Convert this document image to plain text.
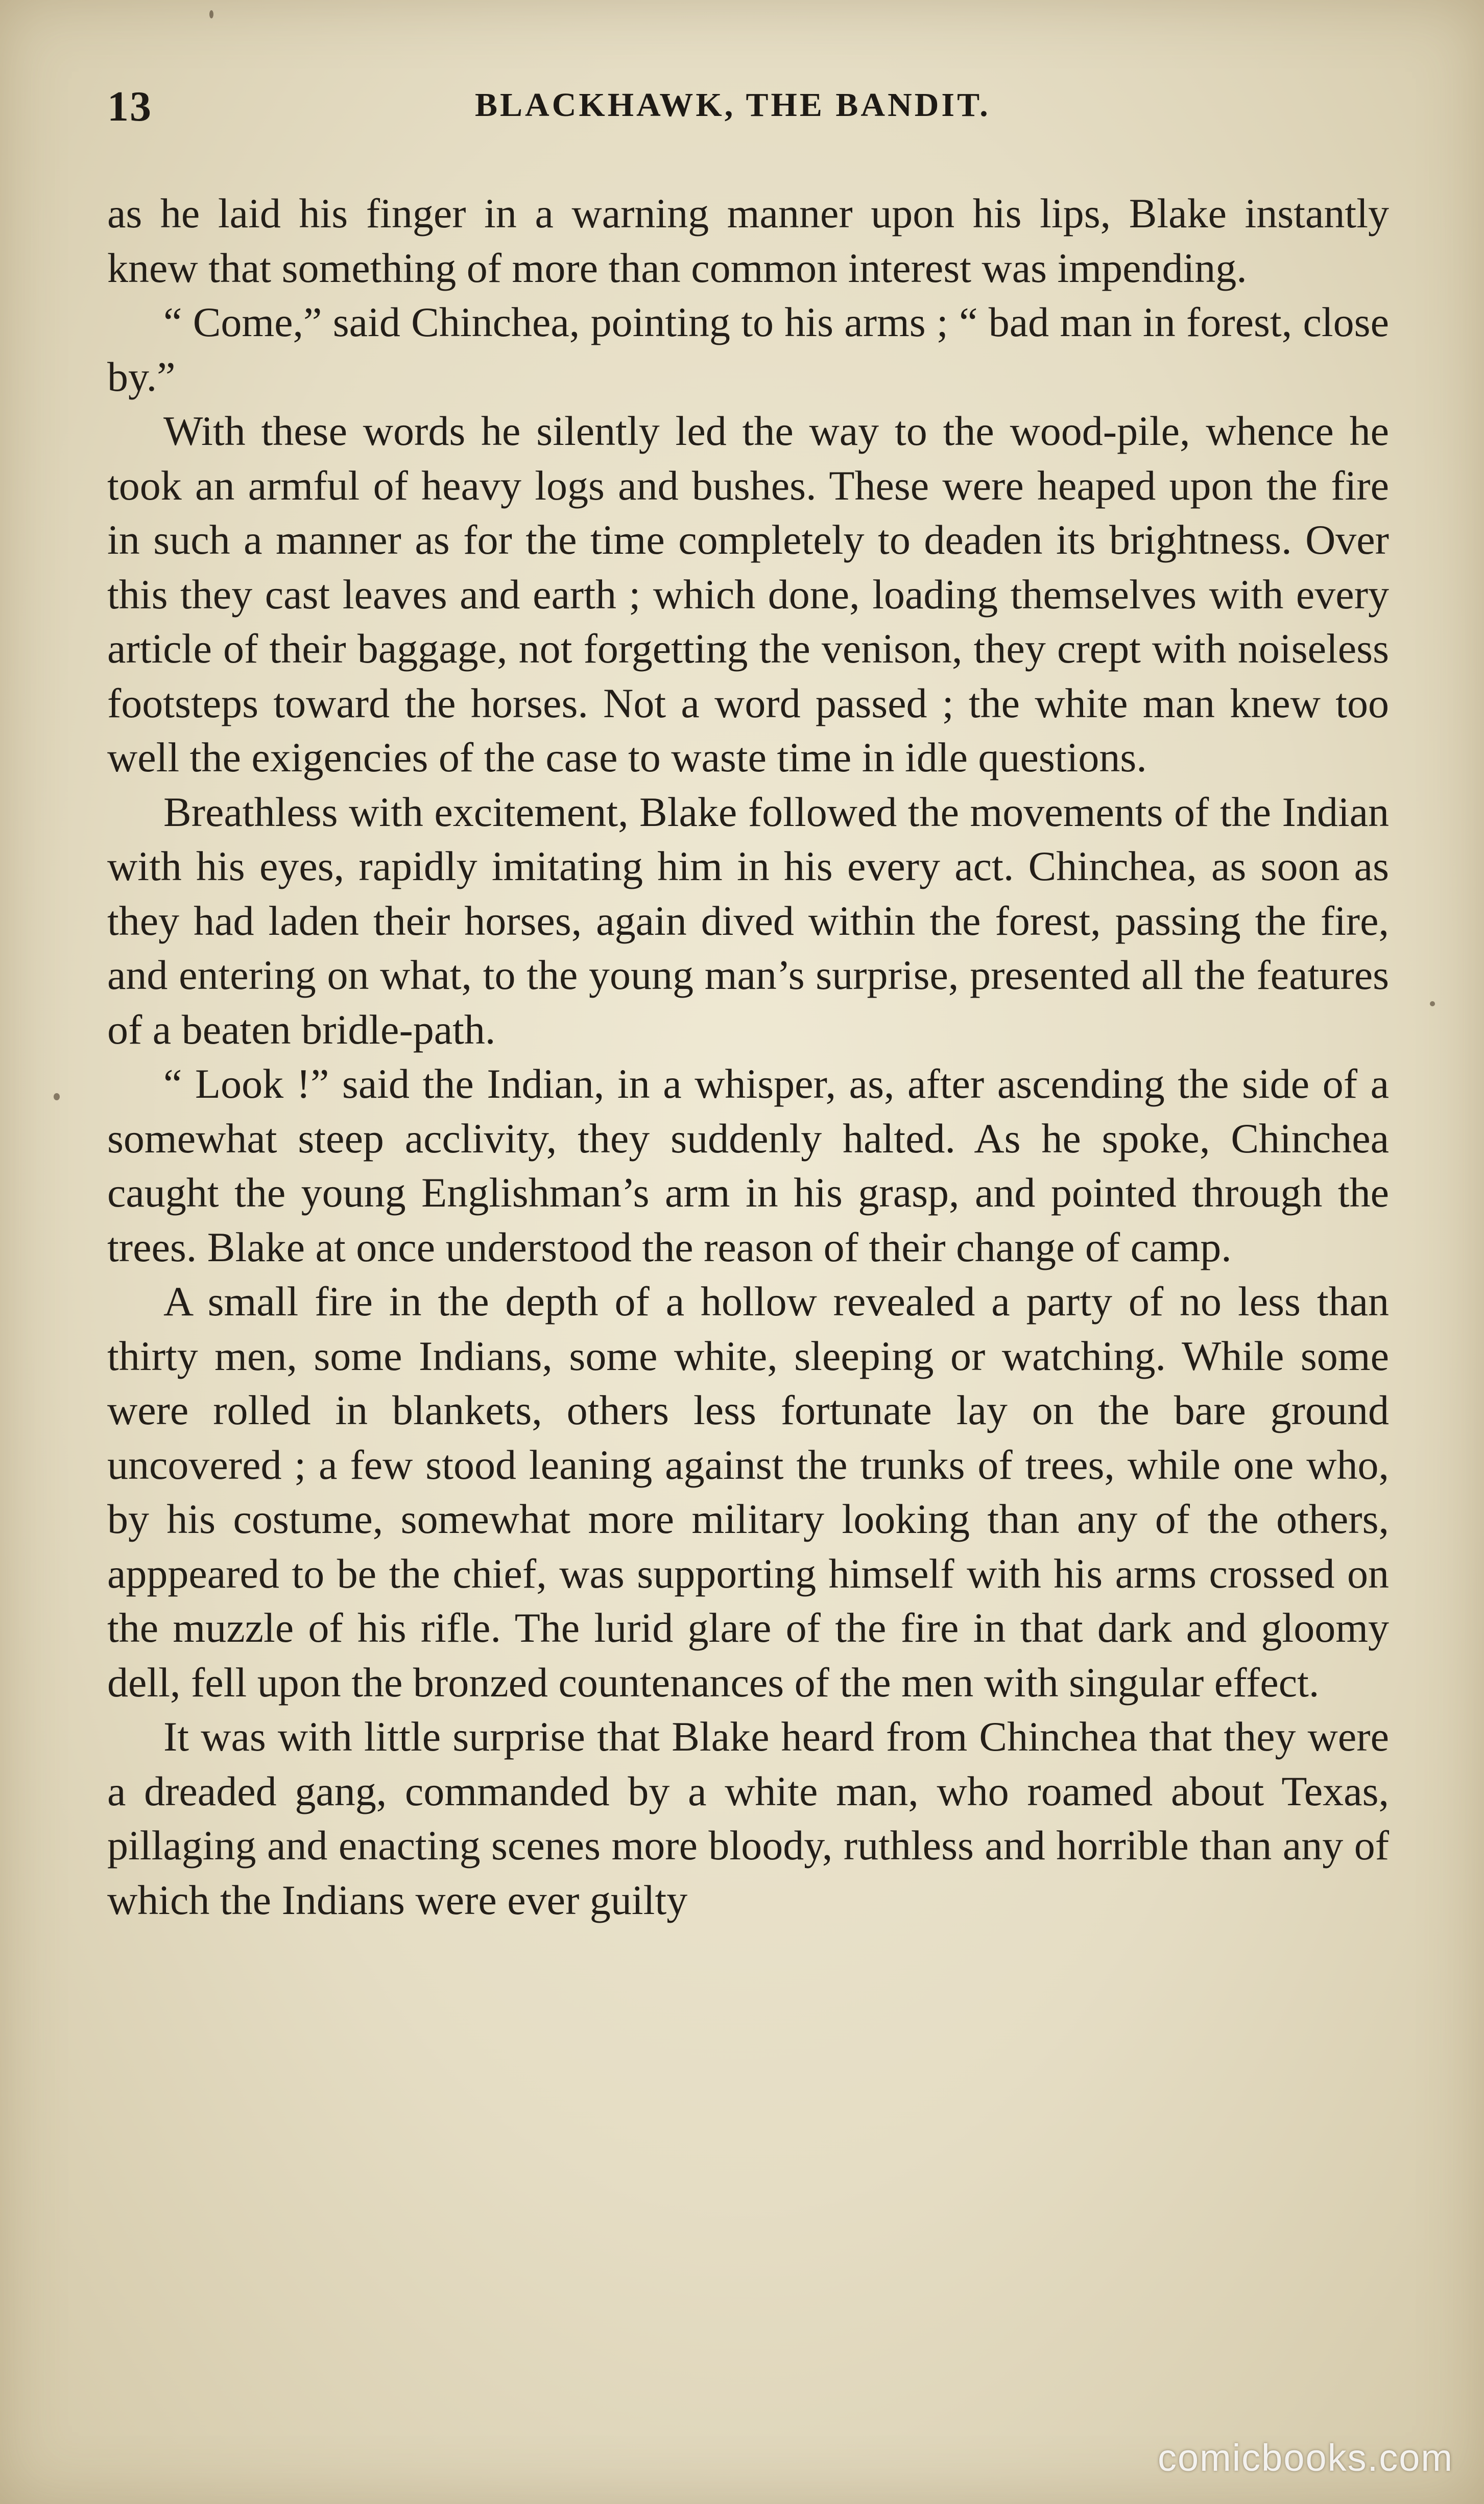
13	BLACKHAWK, THE BANDIT.

as he laid his finger in a warning manner upon his lips, Blake instantly knew that something of more than common interest was impending.

“ Come,” said Chinchea, pointing to his arms ; “ bad man in forest, close by.”

With these words he silently led the way to the wood-pile, whence he took an armful of heavy logs and bushes. These were heaped upon the fire in such a manner as for the time completely to deaden its brightness. Over this they cast leaves and earth ; which done, loading themselves with every article of their baggage, not forgetting the venison, they crept with noiseless footsteps toward the horses. Not a word passed ; the white man knew too well the exigencies of the case to waste time in idle questions.

Breathless with excitement, Blake followed the movements of the Indian with his eyes, rapidly imitating him in his every act. Chinchea, as soon as they had laden their horses, again dived within the forest, passing the fire, and entering on what, to the young man’s surprise, presented all the features of a beaten bridle-path.

“ Look !” said the Indian, in a whisper, as, after ascending the side of a somewhat steep acclivity, they suddenly halted. As he spoke, Chinchea caught the young Englishman’s arm in his grasp, and pointed through the trees. Blake at once understood the reason of their change of camp.

A small fire in the depth of a hollow revealed a party of no less than thirty men, some Indians, some white, sleeping or watching. While some were rolled in blankets, others less fortunate lay on the bare ground uncovered ; a few stood leaning against the trunks of trees, while one who, by his costume, somewhat more military looking than any of the others, apppeared to be the chief, was supporting himself with his arms crossed on the muzzle of his rifle. The lurid glare of the fire in that dark and gloomy dell, fell upon the bronzed countenances of the men with singular effect.

It was with little surprise that Blake heard from Chinchea that they were a dreaded gang, commanded by a white man, who roamed about Texas, pillaging and enacting scenes more bloody, ruthless and horrible than any of which the Indians were ever guilty

comicbooks.com
